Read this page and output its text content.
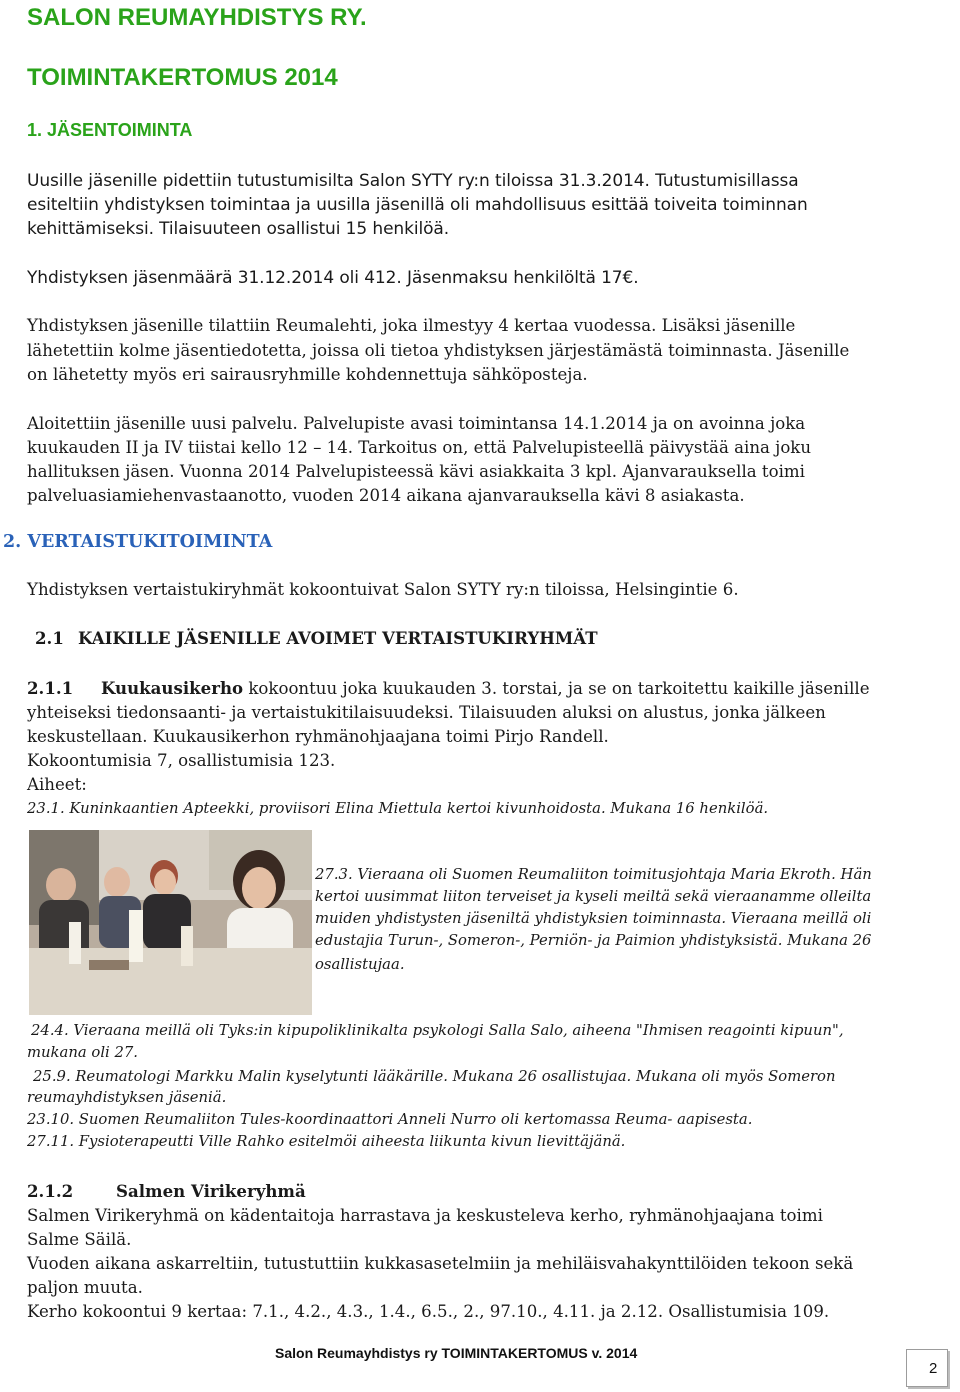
SALON REUMAYHDISTYS RY.

TOIMINTAKERTOMUS 2014

1. JÄSENTOIMINTA

Uusille jäsenille pidettiin tutustumisilta Salon SYTY ry:n tiloissa 31.3.2014. Tutustumisillassa

esiteltiin yhdistyksen toimintaa ja uusilla jäsenillä oli mahdollisuus esittää toiveita toiminnan

kehittämiseksi. Tilaisuuteen osallistui 15 henkilöä.

Yhdistyksen jäsenmäärä 31.12.2014 oli 412. Jäsenmaksu henkilöltä 17€.

Yhdistyksen jäsenille tilattiin Reumalehti, joka ilmestyy 4 kertaa vuodessa. Lisäksi jäsenille

lähetettiin kolme jäsentiedotetta, joissa oli tietoa yhdistyksen järjestämästä toiminnasta. Jäsenille

on lähetetty myös eri sairausryhmille kohdennettuja sähköposteja.

Aloitettiin jäsenille uusi palvelu. Palvelupiste avasi toimintansa 14.1.2014 ja on avoinna joka

kuukauden II ja IV tiistai kello 12 – 14. Tarkoitus on, että Palvelupisteellä päivystää aina joku

hallituksen jäsen. Vuonna 2014 Palvelupisteessä kävi asiakkaita 3 kpl. Ajanvarauksella toimi

palveluasiamiehenvastaanotto, vuoden 2014 aikana ajanvarauksella kävi 8 asiakasta.

2. VERTAISTUKITOIMINTA

Yhdistyksen vertaistukiryhmät kokoontuivat Salon SYTY ry:n tiloissa, Helsingintie 6.

2.1 KAIKILLE JÄSENILLE AVOIMET VERTAISTUKIRYHMÄT

2.1.1 Kuukausikerho kokoontuu joka kuukauden 3. torstai, ja se on tarkoitettu kaikille jäsenille

yhteiseksi tiedonsaanti- ja vertaistukitilaisuudeksi. Tilaisuuden aluksi on alustus, jonka jälkeen

keskustellaan. Kuukausikerhon ryhmänohjaajana toimi Pirjo Randell.

Kokoontumisia 7, osallistumisia 123.

Aiheet:

23.1. Kuninkaantien Apteekki, proviisori Elina Miettula kertoi kivunhoidosta. Mukana 16 henkilöä.

27.3. Vieraana oli Suomen Reumaliiton toimitusjohtaja Maria Ekroth. Hän

kertoi uusimmat liiton terveiset ja kyseli meiltä sekä vieraanamme olleilta

muiden yhdistysten jäseniltä yhdistyksien toiminnasta. Vieraana meillä oli

edustajia Turun-, Someron-, Perniön- ja Paimion yhdistyksistä. Mukana 26

osallistujaa.

24.4. Vieraana meillä oli Tyks:in kipupoliklinikalta psykologi Salla Salo, aiheena "Ihmisen reagointi kipuun",

mukana oli 27.

25.9. Reumatologi Markku Malin kyselytunti lääkärille. Mukana 26 osallistujaa. Mukana oli myös Someron

reumayhdistyksen jäseniä.

23.10. Suomen Reumaliiton Tules-koordinaattori Anneli Nurro oli kertomassa Reuma- aapisesta.

27.11. Fysioterapeutti Ville Rahko esitelmöi aiheesta liikunta kivun lievittäjänä.

2.1.2	Salmen Virikeryhmä

Salmen Virikeryhmä on kädentaitoja harrastava ja keskusteleva kerho, ryhmänohjaajana toimi

Salme Säilä.

Vuoden aikana askarreltiin, tutustuttiin kukkasasetelmiin ja mehiläisvahakynttilöiden tekoon sekä

paljon muuta.

Kerho kokoontui 9 kertaa: 7.1., 4.2., 4.3., 1.4., 6.5., 2., 97.10., 4.11. ja 2.12. Osallistumisia 109.

Salon Reumayhdistys ry TOIMINTAKERTOMUS v. 2014

2
